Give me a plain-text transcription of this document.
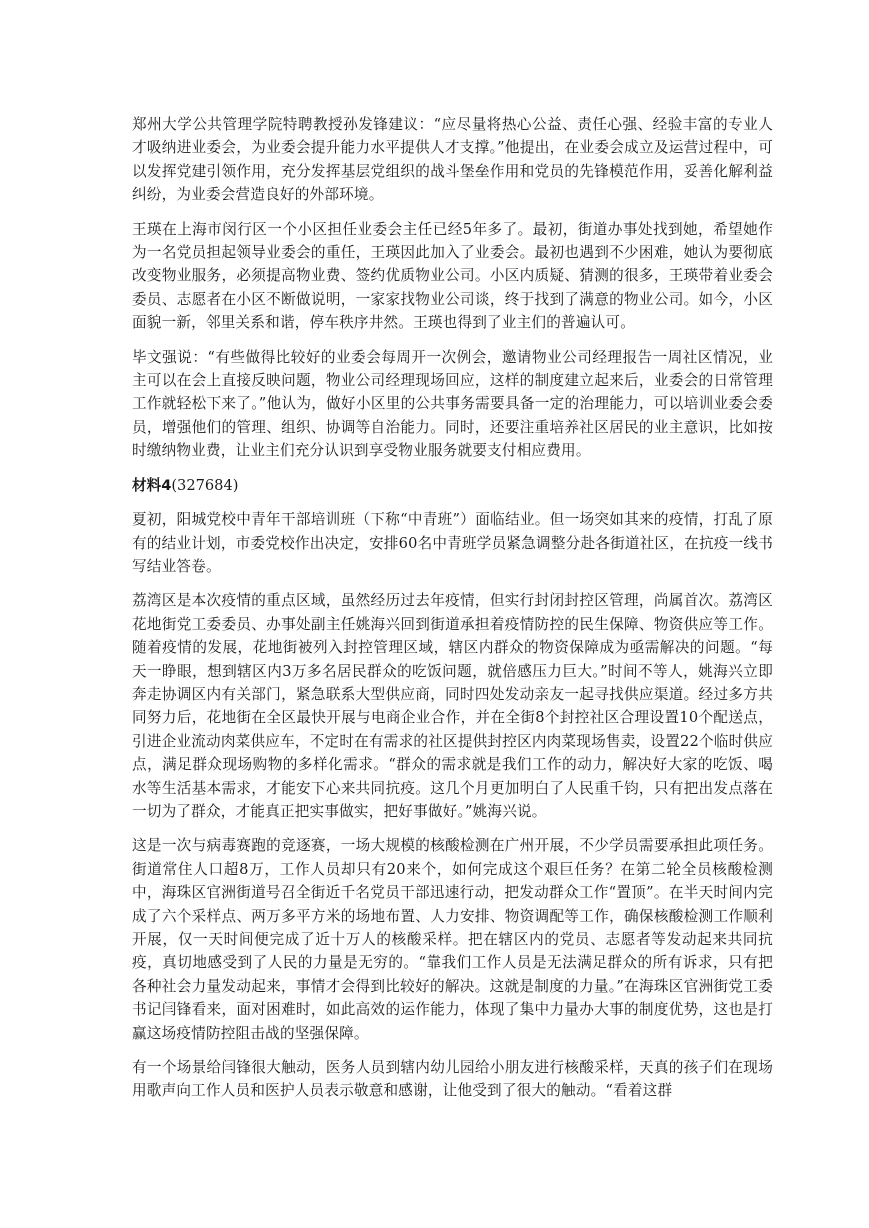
郑州大学公共管理学院特聘教授孙发锋建议：“应尽量将热心公益、责任心强、经验丰富的专业人才吸纳进业委会，为业委会提升能力水平提供人才支撑。”他提出，在业委会成立及运营过程中，可以发挥党建引领作用，充分发挥基层党组织的战斗堡垒作用和党员的先锋模范作用，妥善化解利益纠纷，为业委会营造良好的外部环境。

王瑛在上海市闵行区一个小区担任业委会主任已经5年多了。最初，街道办事处找到她，希望她作为一名党员担起领导业委会的重任，王瑛因此加入了业委会。最初也遇到不少困难，她认为要彻底改变物业服务，必须提高物业费、签约优质物业公司。小区内质疑、猜测的很多，王瑛带着业委会委员、志愿者在小区不断做说明，一家家找物业公司谈，终于找到了满意的物业公司。如今，小区面貌一新，邻里关系和谐，停车秩序井然。王瑛也得到了业主们的普遍认可。

毕文强说：“有些做得比较好的业委会每周开一次例会，邀请物业公司经理报告一周社区情况，业主可以在会上直接反映问题，物业公司经理现场回应，这样的制度建立起来后，业委会的日常管理工作就轻松下来了。”他认为，做好小区里的公共事务需要具备一定的治理能力，可以培训业委会委员，增强他们的管理、组织、协调等自治能力。同时，还要注重培养社区居民的业主意识，比如按时缴纳物业费，让业主们充分认识到享受物业服务就要支付相应费用。

材料4(327684)

夏初，阳城党校中青年干部培训班（下称“中青班”）面临结业。但一场突如其来的疫情，打乱了原有的结业计划，市委党校作出决定，安排60名中青班学员紧急调整分赴各街道社区，在抗疫一线书写结业答卷。

荔湾区是本次疫情的重点区域，虽然经历过去年疫情，但实行封闭封控区管理，尚属首次。荔湾区花地街党工委委员、办事处副主任姚海兴回到街道承担着疫情防控的民生保障、物资供应等工作。随着疫情的发展，花地街被列入封控管理区域，辖区内群众的物资保障成为亟需解决的问题。“每天一睁眼，想到辖区内3万多名居民群众的吃饭问题，就倍感压力巨大。”时间不等人，姚海兴立即奔走协调区内有关部门，紧急联系大型供应商，同时四处发动亲友一起寻找供应渠道。经过多方共同努力后，花地街在全区最快开展与电商企业合作，并在全街8个封控社区合理设置10个配送点，引进企业流动肉菜供应车，不定时在有需求的社区提供封控区内肉菜现场售卖，设置22个临时供应点，满足群众现场购物的多样化需求。“群众的需求就是我们工作的动力，解决好大家的吃饭、喝水等生活基本需求，才能安下心来共同抗疫。这几个月更加明白了人民重千钧，只有把出发点落在一切为了群众，才能真正把实事做实，把好事做好。”姚海兴说。

这是一次与病毒赛跑的竞逐赛，一场大规模的核酸检测在广州开展，不少学员需要承担此项任务。街道常住人口超8万，工作人员却只有20来个，如何完成这个艰巨任务？在第二轮全员核酸检测中，海珠区官洲街道号召全街近千名党员干部迅速行动，把发动群众工作“置顶”。在半天时间内完成了六个采样点、两万多平方米的场地布置、人力安排、物资调配等工作，确保核酸检测工作顺利开展，仅一天时间便完成了近十万人的核酸采样。把在辖区内的党员、志愿者等发动起来共同抗疫，真切地感受到了人民的力量是无穷的。“靠我们工作人员是无法满足群众的所有诉求，只有把各种社会力量发动起来，事情才会得到比较好的解决。这就是制度的力量。”在海珠区官洲街党工委书记闫锋看来，面对困难时，如此高效的运作能力，体现了集中力量办大事的制度优势，这也是打赢这场疫情防控阻击战的坚强保障。

有一个场景给闫锋很大触动，医务人员到辖内幼儿园给小朋友进行核酸采样，天真的孩子们在现场用歌声向工作人员和医护人员表示敬意和感谢，让他受到了很大的触动。“看着这群
